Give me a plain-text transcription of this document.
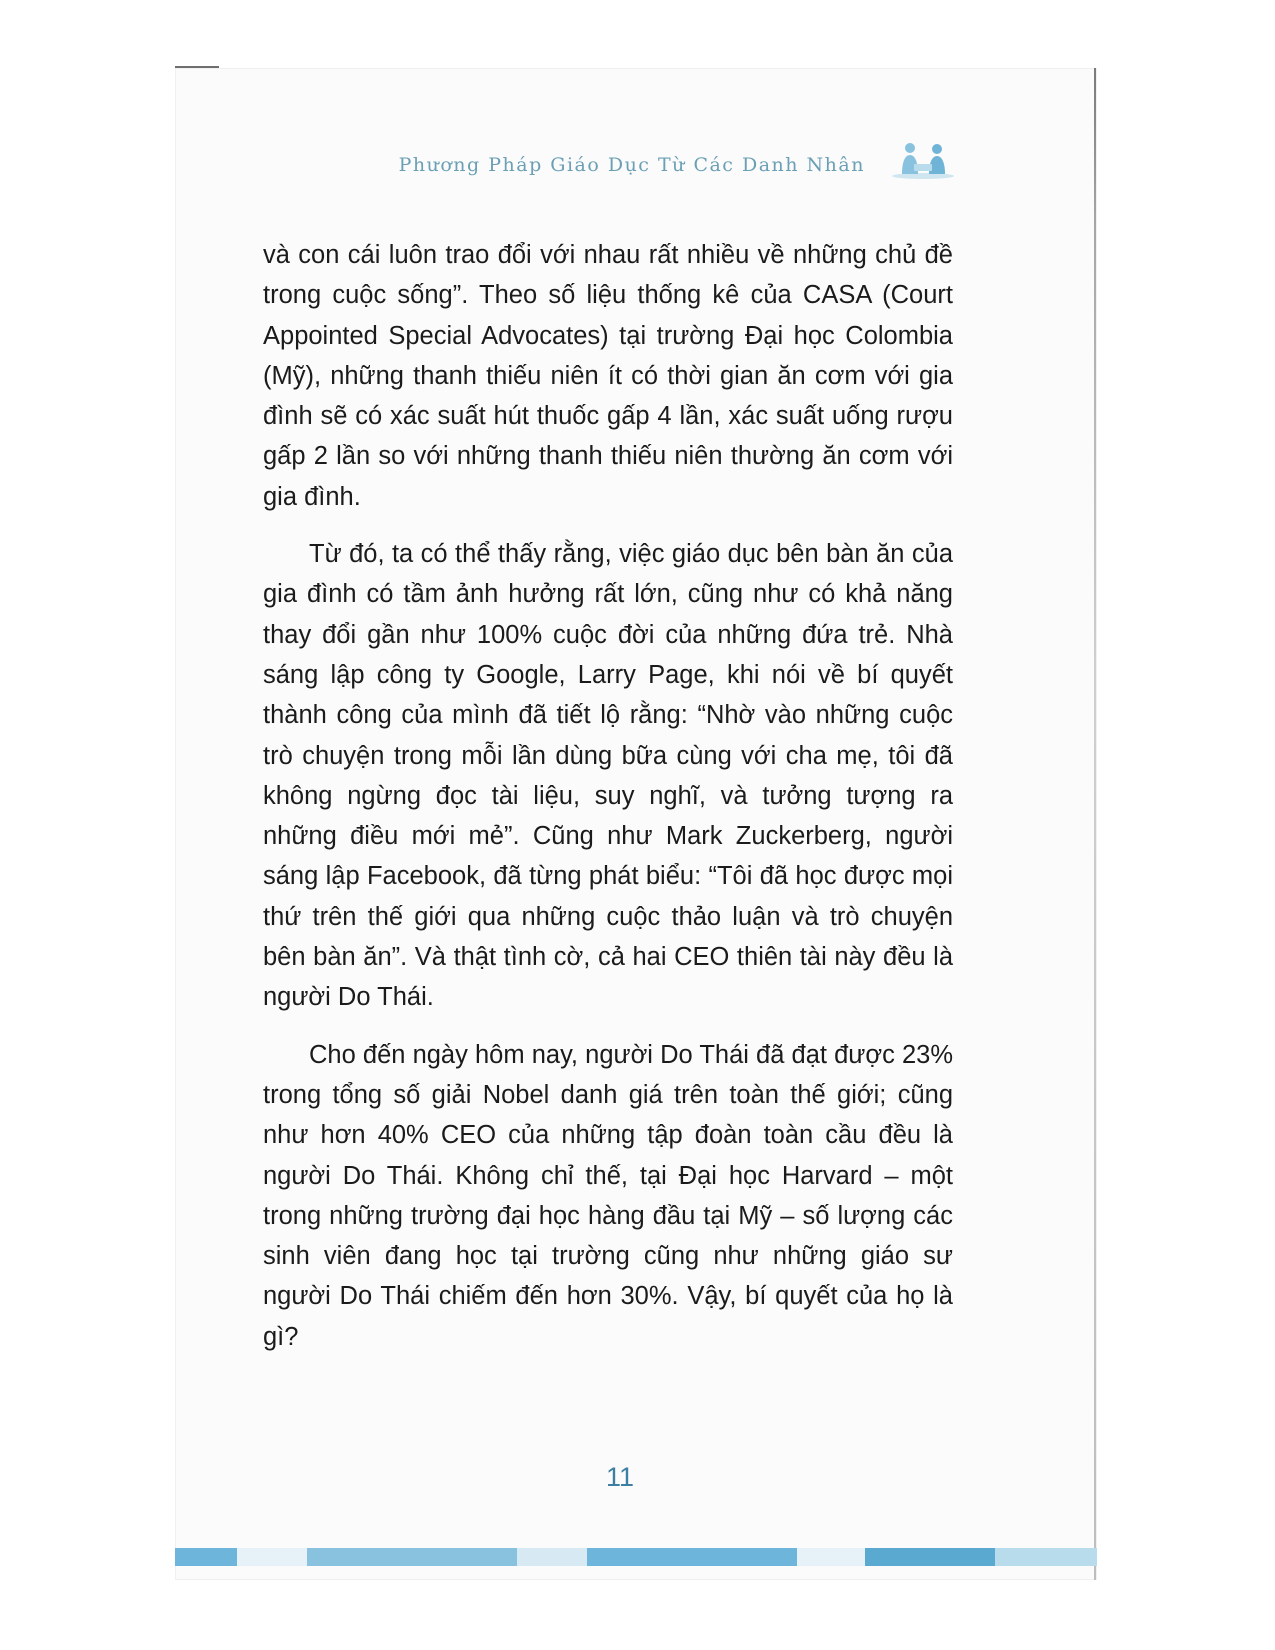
Phương Pháp Giáo Dục Từ Các Danh Nhân

và con cái luôn trao đổi với nhau rất nhiều về những chủ đề trong cuộc sống”. Theo số liệu thống kê của CASA (Court Appointed Special Advocates) tại trường Đại học Colombia (Mỹ), những thanh thiếu niên ít có thời gian ăn cơm với gia đình sẽ có xác suất hút thuốc gấp 4 lần, xác suất uống rượu gấp 2 lần so với những thanh thiếu niên thường ăn cơm với gia đình.

Từ đó, ta có thể thấy rằng, việc giáo dục bên bàn ăn của gia đình có tầm ảnh hưởng rất lớn, cũng như có khả năng thay đổi gần như 100% cuộc đời của những đứa trẻ. Nhà sáng lập công ty Google, Larry Page, khi nói về bí quyết thành công của mình đã tiết lộ rằng: “Nhờ vào những cuộc trò chuyện trong mỗi lần dùng bữa cùng với cha mẹ, tôi đã không ngừng đọc tài liệu, suy nghĩ, và tưởng tượng ra những điều mới mẻ”. Cũng như Mark Zuckerberg, người sáng lập Facebook, đã từng phát biểu: “Tôi đã học được mọi thứ trên thế giới qua những cuộc thảo luận và trò chuyện bên bàn ăn”. Và thật tình cờ, cả hai CEO thiên tài này đều là người Do Thái.

Cho đến ngày hôm nay, người Do Thái đã đạt được 23% trong tổng số giải Nobel danh giá trên toàn thế giới; cũng như hơn 40% CEO của những tập đoàn toàn cầu đều là người Do Thái. Không chỉ thế, tại Đại học Harvard – một trong những trường đại học hàng đầu tại Mỹ – số lượng các sinh viên đang học tại trường cũng như những giáo sư người Do Thái chiếm đến hơn 30%. Vậy, bí quyết của họ là gì?

11
